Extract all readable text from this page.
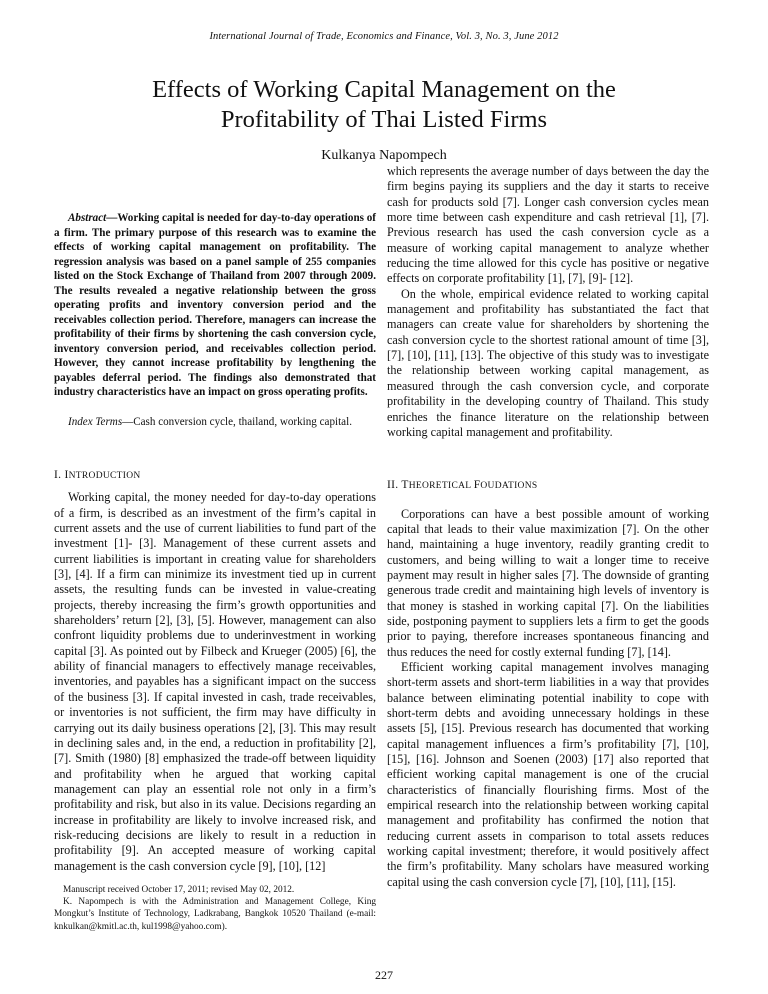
International Journal of Trade, Economics and Finance, Vol. 3, No. 3, June 2012
Effects of Working Capital Management on the
Profitability of Thai Listed Firms
Kulkanya Napompech

Abstract—Working capital is needed for day-to-day operations of a firm. The primary purpose of this research was to examine the effects of working capital management on profitability. The regression analysis was based on a panel sample of 255 companies listed on the Stock Exchange of Thailand from 2007 through 2009. The results revealed a negative relationship between the gross operating profits and inventory conversion period and the receivables collection period. Therefore, managers can increase the profitability of their firms by shortening the cash conversion cycle, inventory conversion period, and receivables collection period. However, they cannot increase profitability by lengthening the payables deferral period. The findings also demonstrated that industry characteristics have an impact on gross operating profits.

Index Terms—Cash conversion cycle, thailand, working capital.

I. INTRODUCTION

Working capital, the money needed for day-to-day operations of a firm, is described as an investment of the firm’s capital in current assets and the use of current liabilities to fund part of the investment [1]- [3]. Management of these current assets and current liabilities is important in creating value for shareholders [3], [4]. If a firm can minimize its investment tied up in current assets, the resulting funds can be invested in value-creating projects, thereby increasing the firm’s growth opportunities and shareholders’ return [2], [3], [5]. However, management can also confront liquidity problems due to underinvestment in working capital [3]. As pointed out by Filbeck and Krueger (2005) [6], the ability of financial managers to effectively manage receivables, inventories, and payables has a significant impact on the success of the business [3]. If capital invested in cash, trade receivables, or inventories is not sufficient, the firm may have difficulty in carrying out its daily business operations [2], [3]. This may result in declining sales and, in the end, a reduction in profitability [2], [7]. Smith (1980) [8] emphasized the trade-off between liquidity and profitability when he argued that working capital management can play an essential role not only in a firm’s profitability and risk, but also in its value. Decisions regarding an increase in profitability are likely to involve increased risk, and risk-reducing decisions are likely to result in a reduction in profitability [9]. An accepted measure of working capital management is the cash conversion cycle [9], [10], [12]

Manuscript received October 17, 2011; revised May 02, 2012.

K. Napompech is with the Administration and Management College, King Mongkut’s Institute of Technology, Ladkrabang, Bangkok 10520 Thailand (e-mail: knkulkan@kmitl.ac.th, kul1998@yahoo.com).

which represents the average number of days between the day the firm begins paying its suppliers and the day it starts to receive cash for products sold [7]. Longer cash conversion cycles mean more time between cash expenditure and cash retrieval [1], [7]. Previous research has used the cash conversion cycle as a measure of working capital management to analyze whether reducing the time allowed for this cycle has positive or negative effects on corporate profitability [1], [7], [9]- [12].

On the whole, empirical evidence related to working capital management and profitability has substantiated the fact that managers can create value for shareholders by shortening the cash conversion cycle to the shortest rational amount of time [3], [7], [10], [11], [13]. The objective of this study was to investigate the relationship between working capital management, as measured through the cash conversion cycle, and corporate profitability in the developing country of Thailand. This study enriches the finance literature on the relationship between working capital management and profitability.

II. THEORETICAL FOUDATIONS

Corporations can have a best possible amount of working capital that leads to their value maximization [7]. On the other hand, maintaining a huge inventory, readily granting credit to customers, and being willing to wait a longer time to receive payment may result in higher sales [7]. The downside of granting generous trade credit and maintaining high levels of inventory is that money is stashed in working capital [7]. On the liabilities side, postponing payment to suppliers lets a firm to get the goods prior to paying, therefore increases spontaneous financing and thus reduces the need for costly external funding [7], [14].

Efficient working capital management involves managing short-term assets and short-term liabilities in a way that provides balance between eliminating potential inability to cope with short-term debts and avoiding unnecessary holdings in these assets [5], [15]. Previous research has documented that working capital management influences a firm’s profitability [7], [10], [15], [16]. Johnson and Soenen (2003) [17] also reported that efficient working capital management is one of the crucial characteristics of financially flourishing firms. Most of the empirical research into the relationship between working capital management and profitability has confirmed the notion that reducing current assets in comparison to total assets reduces working capital investment; therefore, it would positively affect the firm’s profitability. Many scholars have measured working capital using the cash conversion cycle [7], [10], [11], [15].

227
